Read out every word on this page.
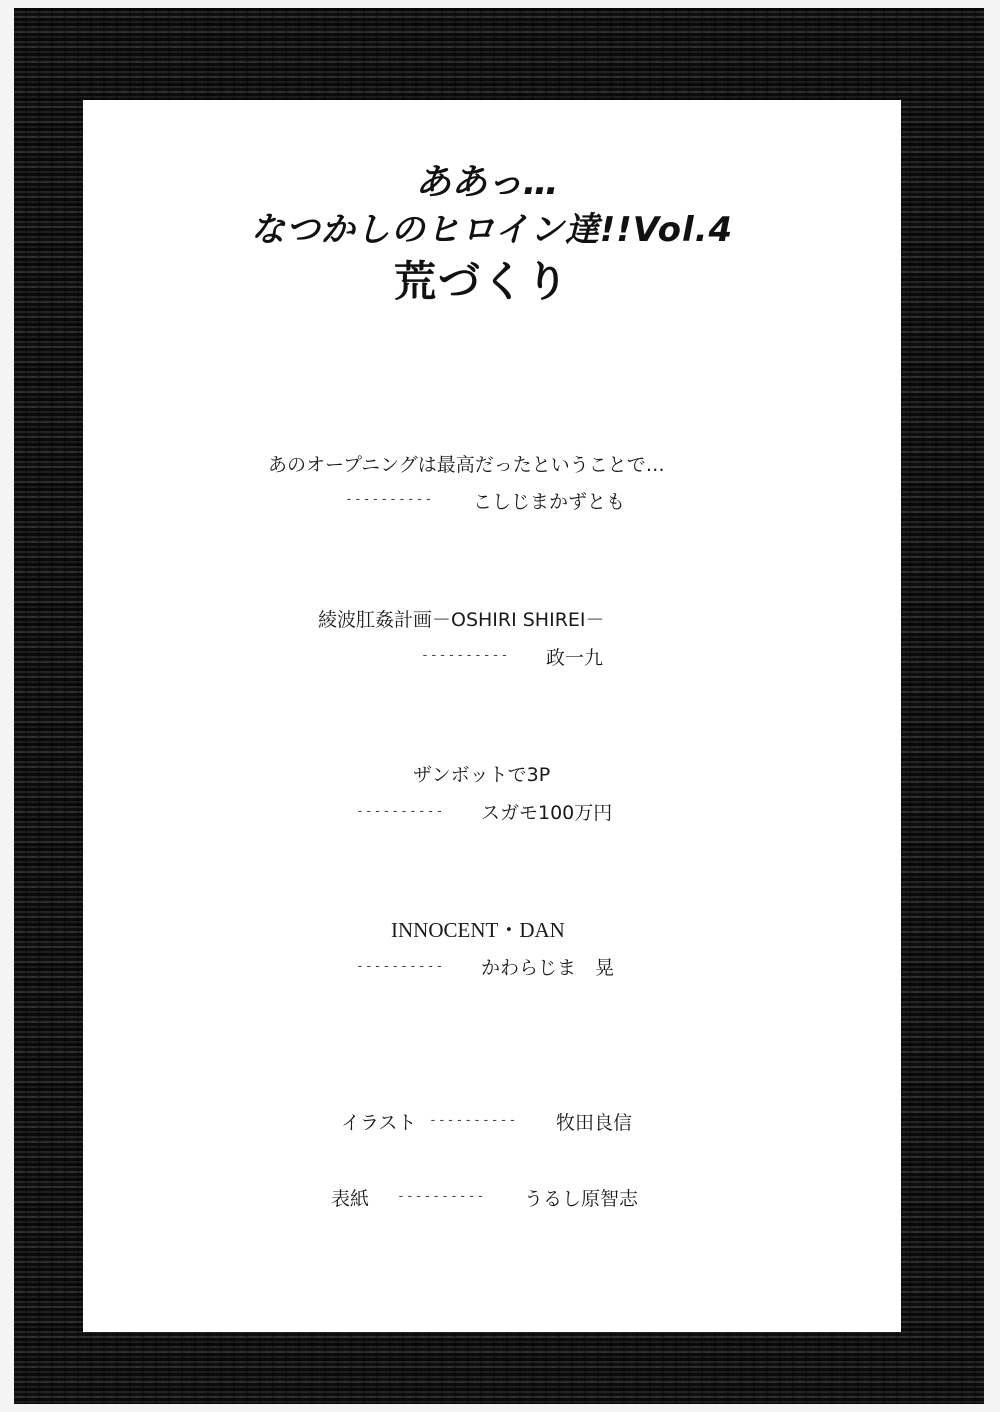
ああっ…
なつかしのヒロイン達!!Vol.4
荒づくり
あのオープニングは最高だったということで…
---------- こしじまかずとも
綾波肛姦計画－OSHIRI SHIREI－
---------- 政一九
ザンボットで3P
---------- スガモ100万円
INNOCENT・DAN
---------- かわらじま　晃
イラスト ---------- 牧田良信
表紙 ---------- うるし原智志
